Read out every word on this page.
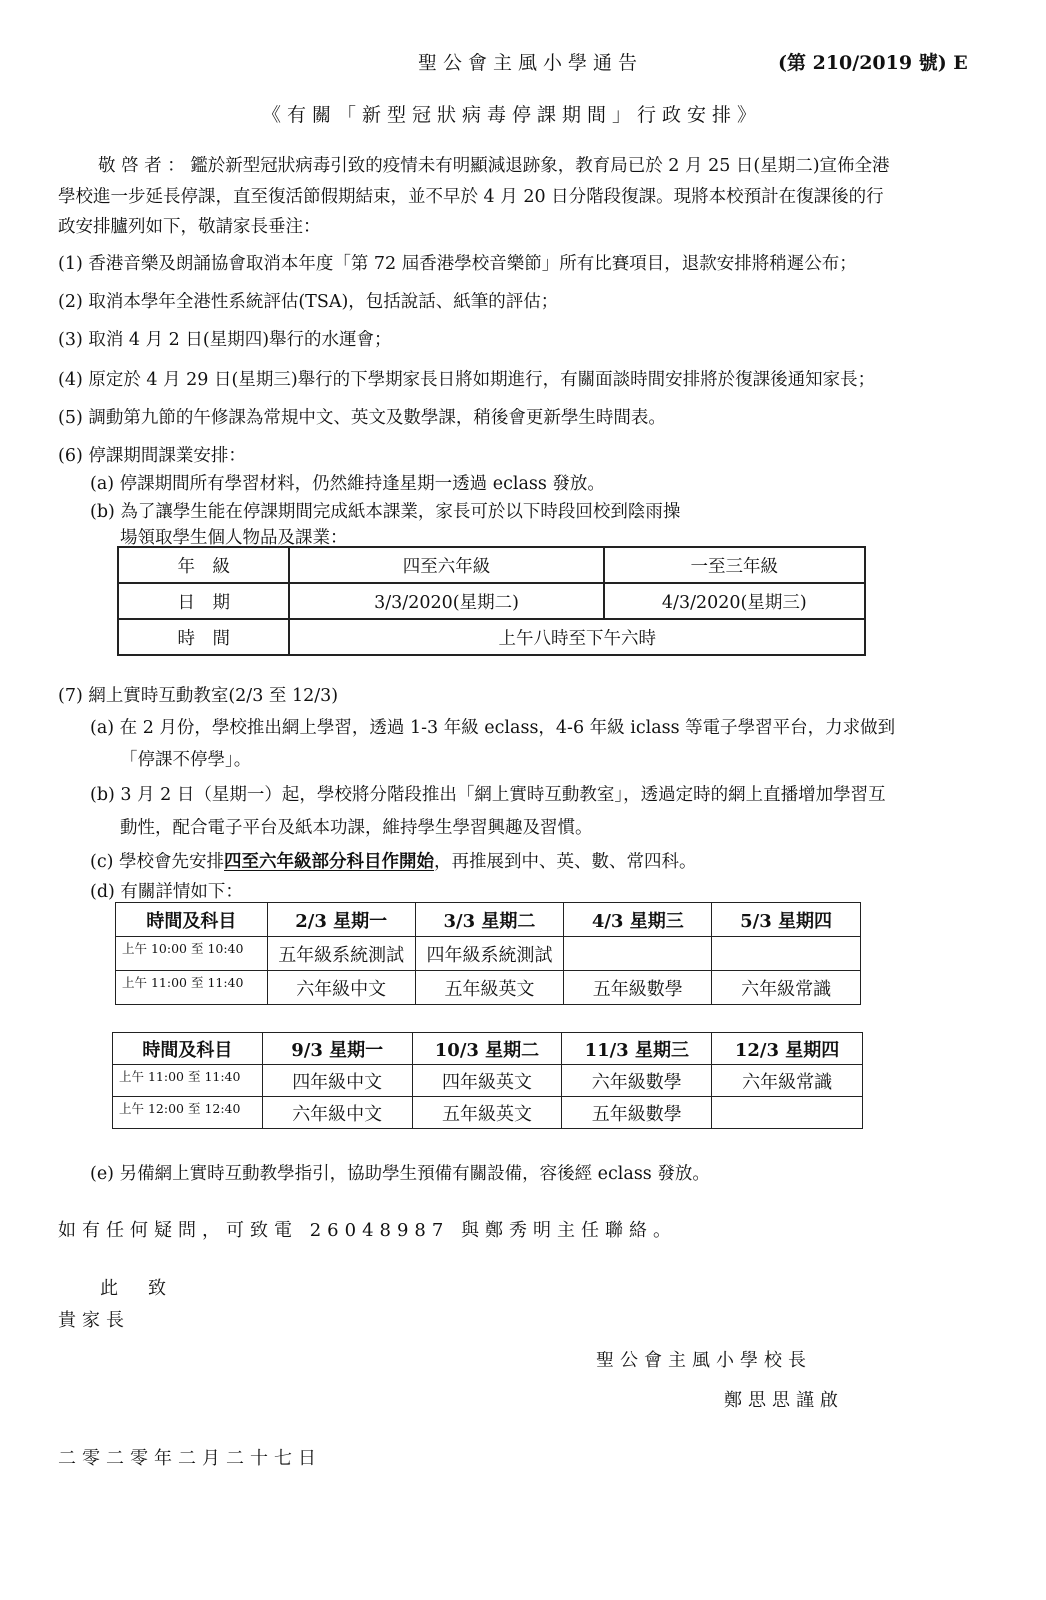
聖公會主風小學通告	(第 210/2019 號) E
《有關「新型冠狀病毒停課期間」行政安排》
敬 啓 者 ： 鑑於新型冠狀病毒引致的疫情未有明顯減退跡象，教育局已於 2 月 25 日(星期二)宣佈全港
學校進一步延長停課，直至復活節假期結束，並不早於 4 月 20 日分階段復課。現將本校預計在復課後的行
政安排臚列如下，敬請家長垂注：
(1) 香港音樂及朗誦協會取消本年度「第 72 屆香港學校音樂節」所有比賽項目，退款安排將稍遲公布；
(2) 取消本學年全港性系統評估(TSA)，包括說話、紙筆的評估；
(3) 取消 4 月 2 日(星期四)舉行的水運會；
(4) 原定於 4 月 29 日(星期三)舉行的下學期家長日將如期進行，有關面談時間安排將於復課後通知家長；
(5) 調動第九節的午修課為常規中文、英文及數學課，稍後會更新學生時間表。
(6) 停課期間課業安排：
(a) 停課期間所有學習材料，仍然維持逢星期一透過 eclass 發放。
(b) 為了讓學生能在停課期間完成紙本課業，家長可於以下時段回校到陰雨操
場領取學生個人物品及課業：
年　級	四至六年級	一至三年級
日　期	3/3/2020(星期二)	4/3/2020(星期三)
時　間	上午八時至下午六時	
(7) 網上實時互動教室(2/3 至 12/3)
(a) 在 2 月份，學校推出網上學習，透過 1-3 年級 eclass，4-6 年級 iclass 等電子學習平台，力求做到
「停課不停學」。
(b) 3 月 2 日（星期一）起，學校將分階段推出「網上實時互動教室」，透過定時的網上直播增加學習互
動性，配合電子平台及紙本功課，維持學生學習興趣及習慣。
(c) 學校會先安排四至六年級部分科目作開始，再推展到中、英、數、常四科。
(d) 有關詳情如下：
時間及科目	2/3 星期一	3/3 星期二	4/3 星期三	5/3 星期四
上午 10:00 至 10:40	五年級系統測試	四年級系統測試		
上午 11:00 至 11:40	六年級中文	五年級英文	五年級數學	六年級常識
時間及科目	9/3 星期一	10/3 星期二	11/3 星期三	12/3 星期四
上午 11:00 至 11:40	四年級中文	四年級英文	六年級數學	六年級常識
上午 12:00 至 12:40	六年級中文	五年級英文	五年級數學	
(e) 另備網上實時互動教學指引，協助學生預備有關設備，容後經 eclass 發放。
如有任何疑問，可致電 26048987 與鄭秀明主任聯絡。
此　致
貴家長
聖公會主風小學校長
鄭思思謹啟
二零二零年二月二十七日
